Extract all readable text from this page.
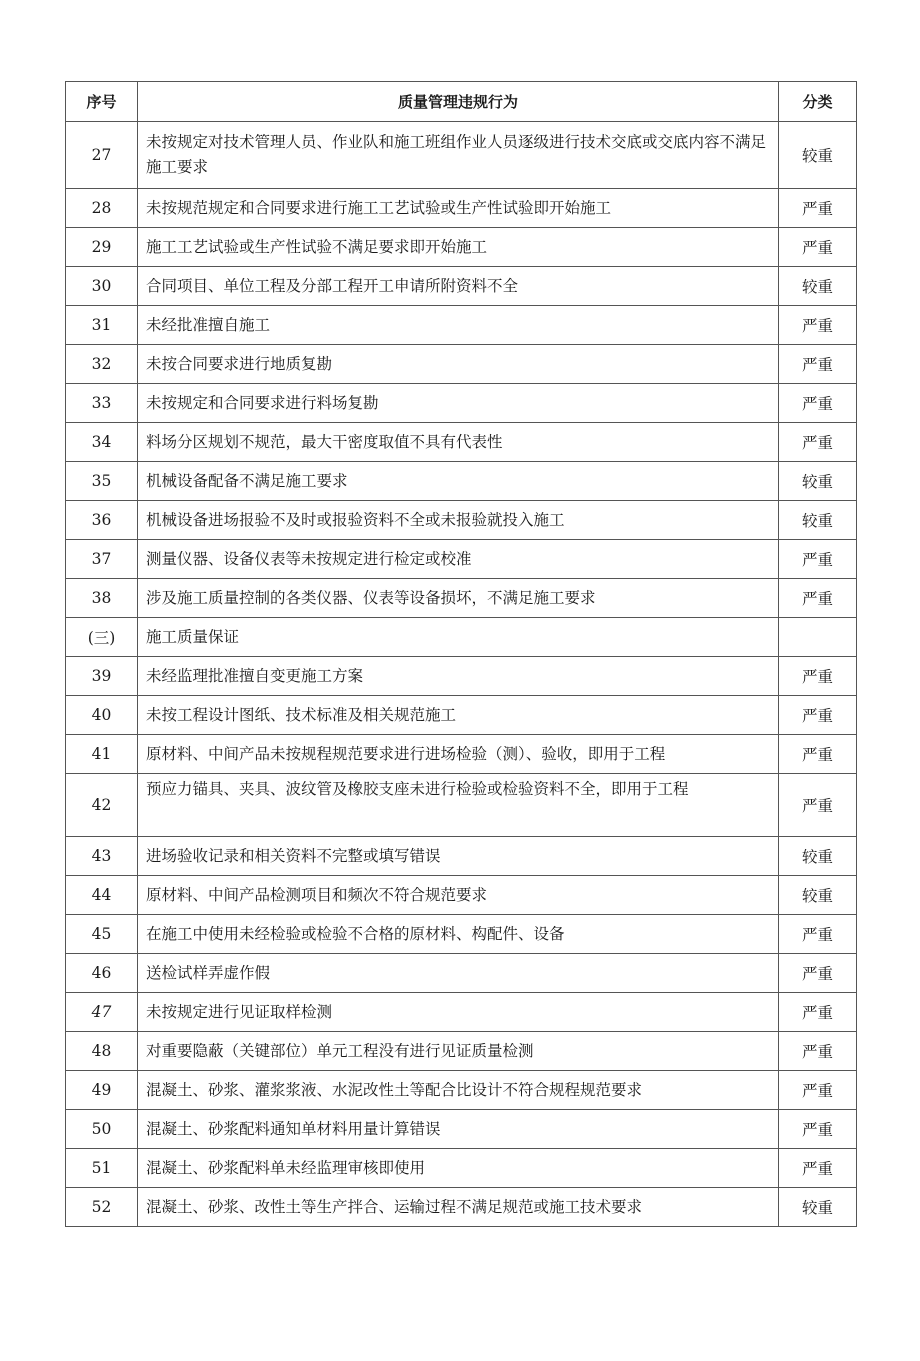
序号	质量管理违规行为	分类
27	未按规定对技术管理人员、作业队和施工班组作业人员逐级进行技术交底或交底内容不满足施工要求	较重
28	未按规范规定和合同要求进行施工工艺试验或生产性试验即开始施工	严重
29	施工工艺试验或生产性试验不满足要求即开始施工	严重
30	合同项目、单位工程及分部工程开工申请所附资料不全	较重
31	未经批准擅自施工	严重
32	未按合同要求进行地质复勘	严重
33	未按规定和合同要求进行料场复勘	严重
34	料场分区规划不规范，最大干密度取值不具有代表性	严重
35	机械设备配备不满足施工要求	较重
36	机械设备进场报验不及时或报验资料不全或未报验就投入施工	较重
37	测量仪器、设备仪表等未按规定进行检定或校准	严重
38	涉及施工质量控制的各类仪器、仪表等设备损坏，不满足施工要求	严重
(三)	施工质量保证	
39	未经监理批准擅自变更施工方案	严重
40	未按工程设计图纸、技术标准及相关规范施工	严重
41	原材料、中间产品未按规程规范要求进行进场检验（测）、验收，即用于工程	严重
42	预应力锚具、夹具、波纹管及橡胶支座未进行检验或检验资料不全，即用于工程	严重
43	进场验收记录和相关资料不完整或填写错误	较重
44	原材料、中间产品检测项目和频次不符合规范要求	较重
45	在施工中使用未经检验或检验不合格的原材料、构配件、设备	严重
46	送检试样弄虚作假	严重
47	未按规定进行见证取样检测	严重
48	对重要隐蔽（关键部位）单元工程没有进行见证质量检测	严重
49	混凝土、砂浆、灌浆浆液、水泥改性土等配合比设计不符合规程规范要求	严重
50	混凝土、砂浆配料通知单材料用量计算错误	严重
51	混凝土、砂浆配料单未经监理审核即使用	严重
52	混凝土、砂浆、改性土等生产拌合、运输过程不满足规范或施工技术要求	较重
